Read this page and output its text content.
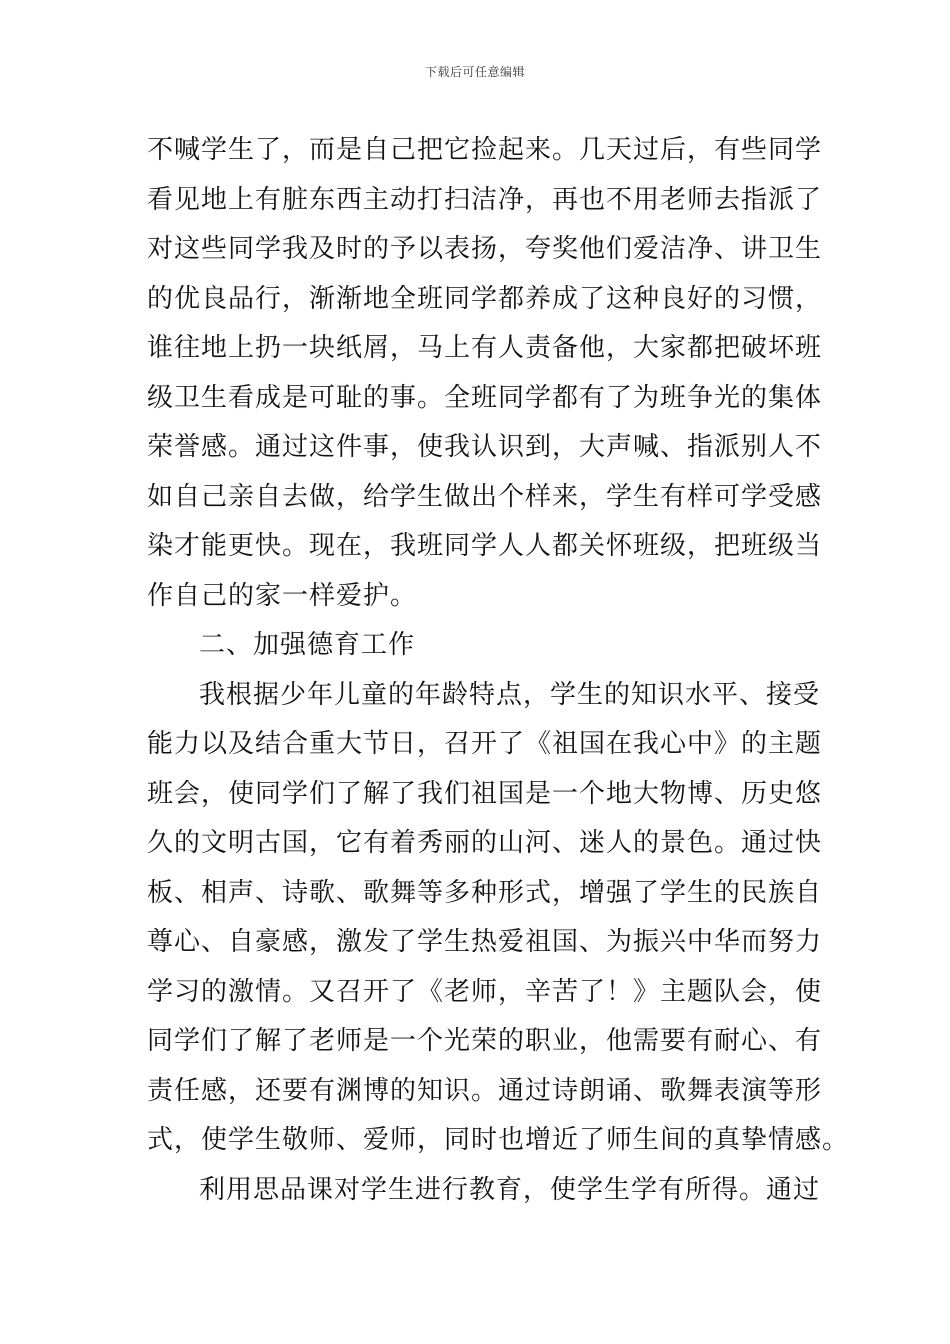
下载后可任意编辑
不喊学生了，而是自己把它捡起来。几天过后，有些同学
看见地上有脏东西主动打扫洁净，再也不用老师去指派了
对这些同学我及时的予以表扬，夸奖他们爱洁净、讲卫生
的优良品行，渐渐地全班同学都养成了这种良好的习惯，
谁往地上扔一块纸屑，马上有人责备他，大家都把破坏班
级卫生看成是可耻的事。全班同学都有了为班争光的集体
荣誉感。通过这件事，使我认识到，大声喊、指派别人不
如自己亲自去做，给学生做出个样来，学生有样可学受感
染才能更快。现在，我班同学人人都关怀班级，把班级当
作自己的家一样爱护。
二、加强德育工作
我根据少年儿童的年龄特点，学生的知识水平、接受
能力以及结合重大节日，召开了《祖国在我心中》的主题
班会，使同学们了解了我们祖国是一个地大物博、历史悠
久的文明古国，它有着秀丽的山河、迷人的景色。通过快
板、相声、诗歌、歌舞等多种形式，增强了学生的民族自
尊心、自豪感，激发了学生热爱祖国、为振兴中华而努力
学习的激情。又召开了《老师，辛苦了！》主题队会，使
同学们了解了老师是一个光荣的职业，他需要有耐心、有
责任感，还要有渊博的知识。通过诗朗诵、歌舞表演等形
式，使学生敬师、爱师，同时也增近了师生间的真挚情感。
利用思品课对学生进行教育，使学生学有所得。通过
